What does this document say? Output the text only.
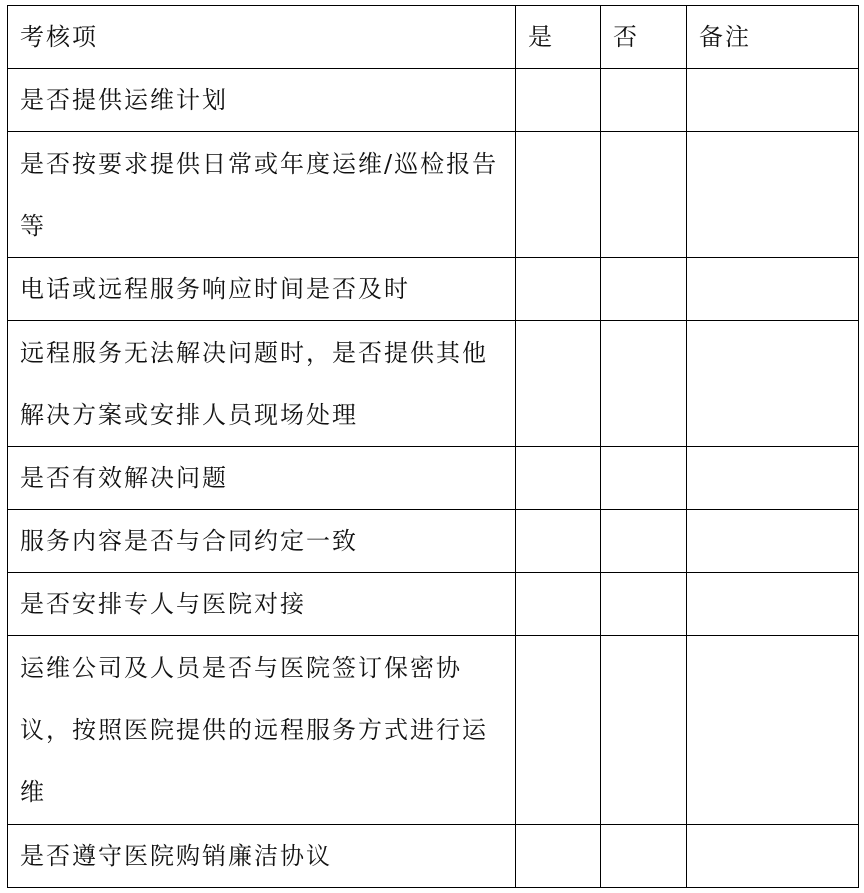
考核项	是	否	备注

是否提供运维计划			

是否按要求提供日常或年度运维/巡检报告等			

电话或远程服务响应时间是否及时			

远程服务无法解决问题时，是否提供其他解决方案或安排人员现场处理			

是否有效解决问题			

服务内容是否与合同约定一致			

是否安排专人与医院对接			

运维公司及人员是否与医院签订保密协议，按照医院提供的远程服务方式进行运维			

是否遵守医院购销廉洁协议			
